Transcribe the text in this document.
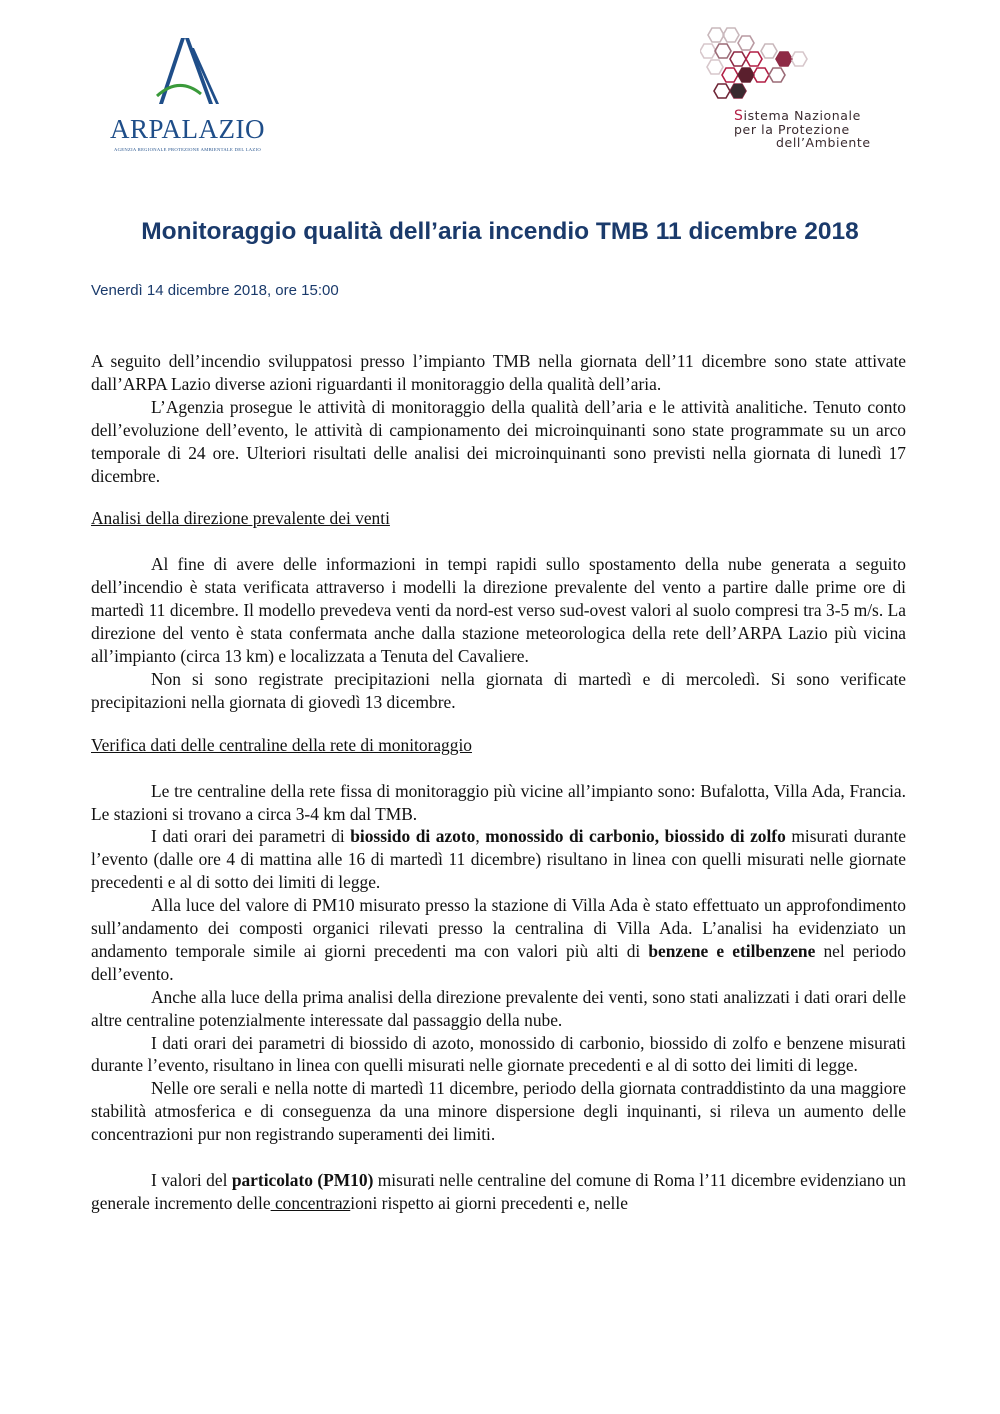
ARPALAZIO
AGENZIA REGIONALE PROTEZIONE AMBIENTALE DEL LAZIO
Sistema Nazionale
per la Protezione
dell’Ambiente
Monitoraggio qualità dell’aria incendio TMB 11 dicembre 2018
Venerdì 14 dicembre 2018, ore 15:00

A seguito dell’incendio sviluppatosi presso l’impianto TMB nella giornata dell’11 dicembre sono state attivate dall’ARPA Lazio diverse azioni riguardanti il monitoraggio della qualità dell’aria.

L’Agenzia prosegue le attività di monitoraggio della qualità dell’aria e le attività analitiche. Tenuto conto dell’evoluzione dell’evento, le attività di campionamento dei microinquinanti sono state programmate su un arco temporale di 24 ore. Ulteriori risultati delle analisi dei microinquinanti sono previsti nella giornata di lunedì 17 dicembre.

Analisi della direzione prevalente dei venti

Al fine di avere delle informazioni in tempi rapidi sullo spostamento della nube generata a seguito dell’incendio è stata verificata attraverso i modelli la direzione prevalente del vento a partire dalle prime ore di martedì 11 dicembre. Il modello prevedeva venti da nord-est verso sud-ovest valori al suolo compresi tra 3-5 m/s. La direzione del vento è stata confermata anche dalla stazione meteorologica della rete dell’ARPA Lazio più vicina all’impianto (circa 13 km) e localizzata a Tenuta del Cavaliere.

Non si sono registrate precipitazioni nella giornata di martedì e di mercoledì. Si sono verificate precipitazioni nella giornata di giovedì 13 dicembre.

Verifica dati delle centraline della rete di monitoraggio

Le tre centraline della rete fissa di monitoraggio più vicine all’impianto sono: Bufalotta, Villa Ada, Francia. Le stazioni si trovano a circa 3-4 km dal TMB.

I dati orari dei parametri di biossido di azoto, monossido di carbonio, biossido di zolfo misurati durante l’evento (dalle ore 4 di mattina alle 16 di martedì 11 dicembre) risultano in linea con quelli misurati nelle giornate precedenti e al di sotto dei limiti di legge.

Alla luce del valore di PM10 misurato presso la stazione di Villa Ada è stato effettuato un approfondimento sull’andamento dei composti organici rilevati presso la centralina di Villa Ada. L’analisi ha evidenziato un andamento temporale simile ai giorni precedenti ma con valori più alti di benzene e etilbenzene nel periodo dell’evento.

Anche alla luce della prima analisi della direzione prevalente dei venti, sono stati analizzati i dati orari delle altre centraline potenzialmente interessate dal passaggio della nube.

I dati orari dei parametri di biossido di azoto, monossido di carbonio, biossido di zolfo e benzene misurati durante l’evento, risultano in linea con quelli misurati nelle giornate precedenti e al di sotto dei limiti di legge.

Nelle ore serali e nella notte di martedì 11 dicembre, periodo della giornata contraddistinto da una maggiore stabilità atmosferica e di conseguenza da una minore dispersione degli inquinanti, si rileva un aumento delle concentrazioni pur non registrando superamenti dei limiti.

I valori del particolato (PM10) misurati nelle centraline del comune di Roma l’11 dicembre evidenziano un generale incremento delle concentrazioni rispetto ai giorni precedenti e, nelle
